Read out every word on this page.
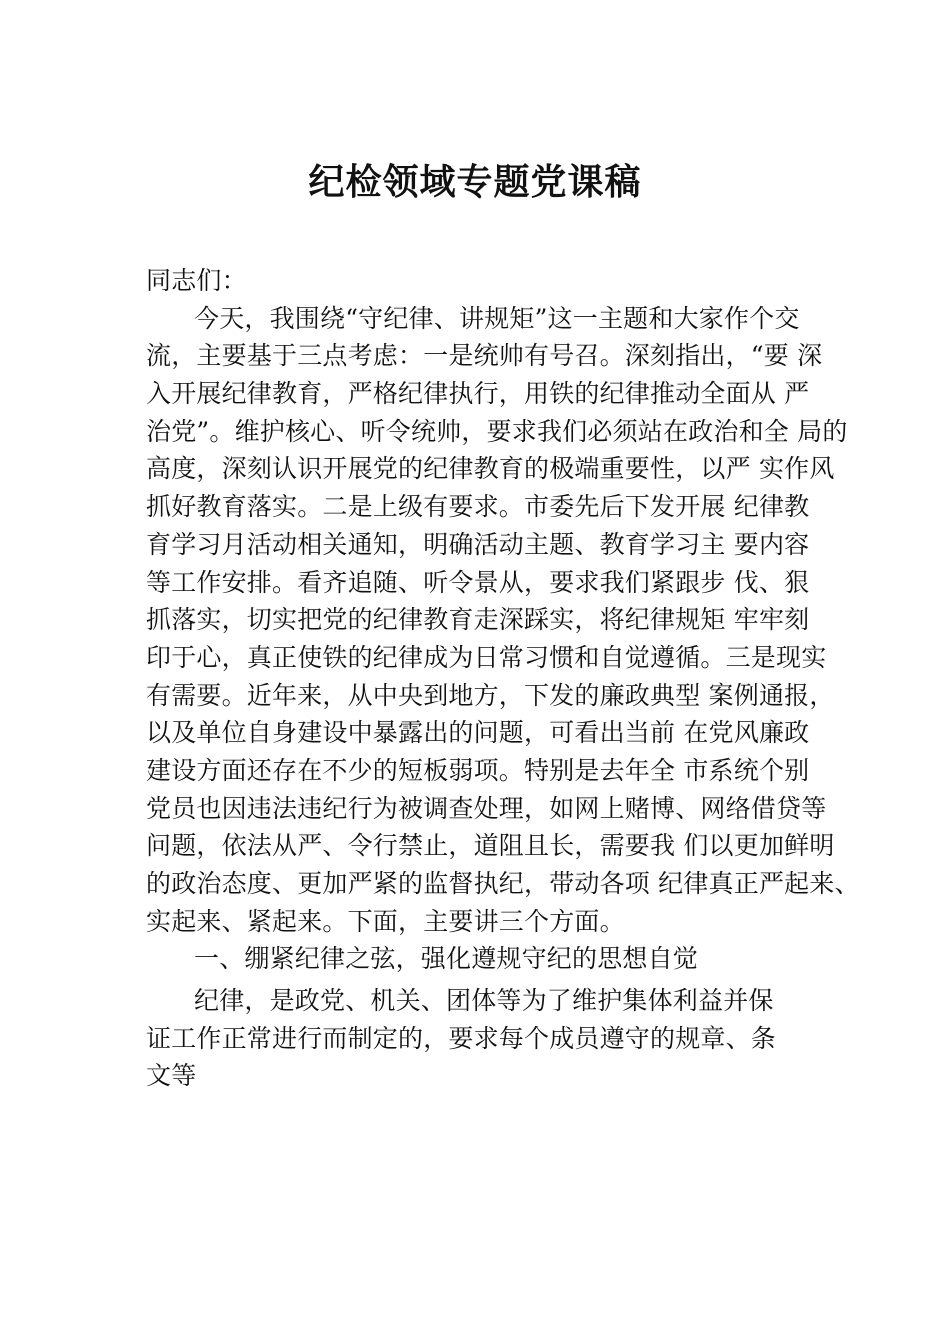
纪检领域专题党课稿
同志们：
今天，我围绕“守纪律、讲规矩”这一主题和大家作个交
流，主要基于三点考虑：一是统帅有号召。深刻指出，“要 深
入开展纪律教育，严格纪律执行，用铁的纪律推动全面从 严
治党”。维护核心、听令统帅，要求我们必须站在政治和全 局的
高度，深刻认识开展党的纪律教育的极端重要性，以严 实作风
抓好教育落实。二是上级有要求。市委先后下发开展 纪律教
育学习月活动相关通知，明确活动主题、教育学习主 要内容
等工作安排。看齐追随、听令景从，要求我们紧跟步 伐、狠
抓落实，切实把党的纪律教育走深踩实，将纪律规矩 牢牢刻
印于心，真正使铁的纪律成为日常习惯和自觉遵循。三是现实
有需要。近年来，从中央到地方，下发的廉政典型 案例通报，
以及单位自身建设中暴露出的问题，可看出当前 在党风廉政
建设方面还存在不少的短板弱项。特别是去年全 市系统个别
党员也因违法违纪行为被调查处理，如网上赌博、网络借贷等
问题，依法从严、令行禁止，道阻且长，需要我 们以更加鲜明
的政治态度、更加严紧的监督执纪，带动各项 纪律真正严起来、
实起来、紧起来。下面，主要讲三个方面。
一、绷紧纪律之弦，强化遵规守纪的思想自觉
纪律，是政党、机关、团体等为了维护集体利益并保
证工作正常进行而制定的，要求每个成员遵守的规章、条
文等
